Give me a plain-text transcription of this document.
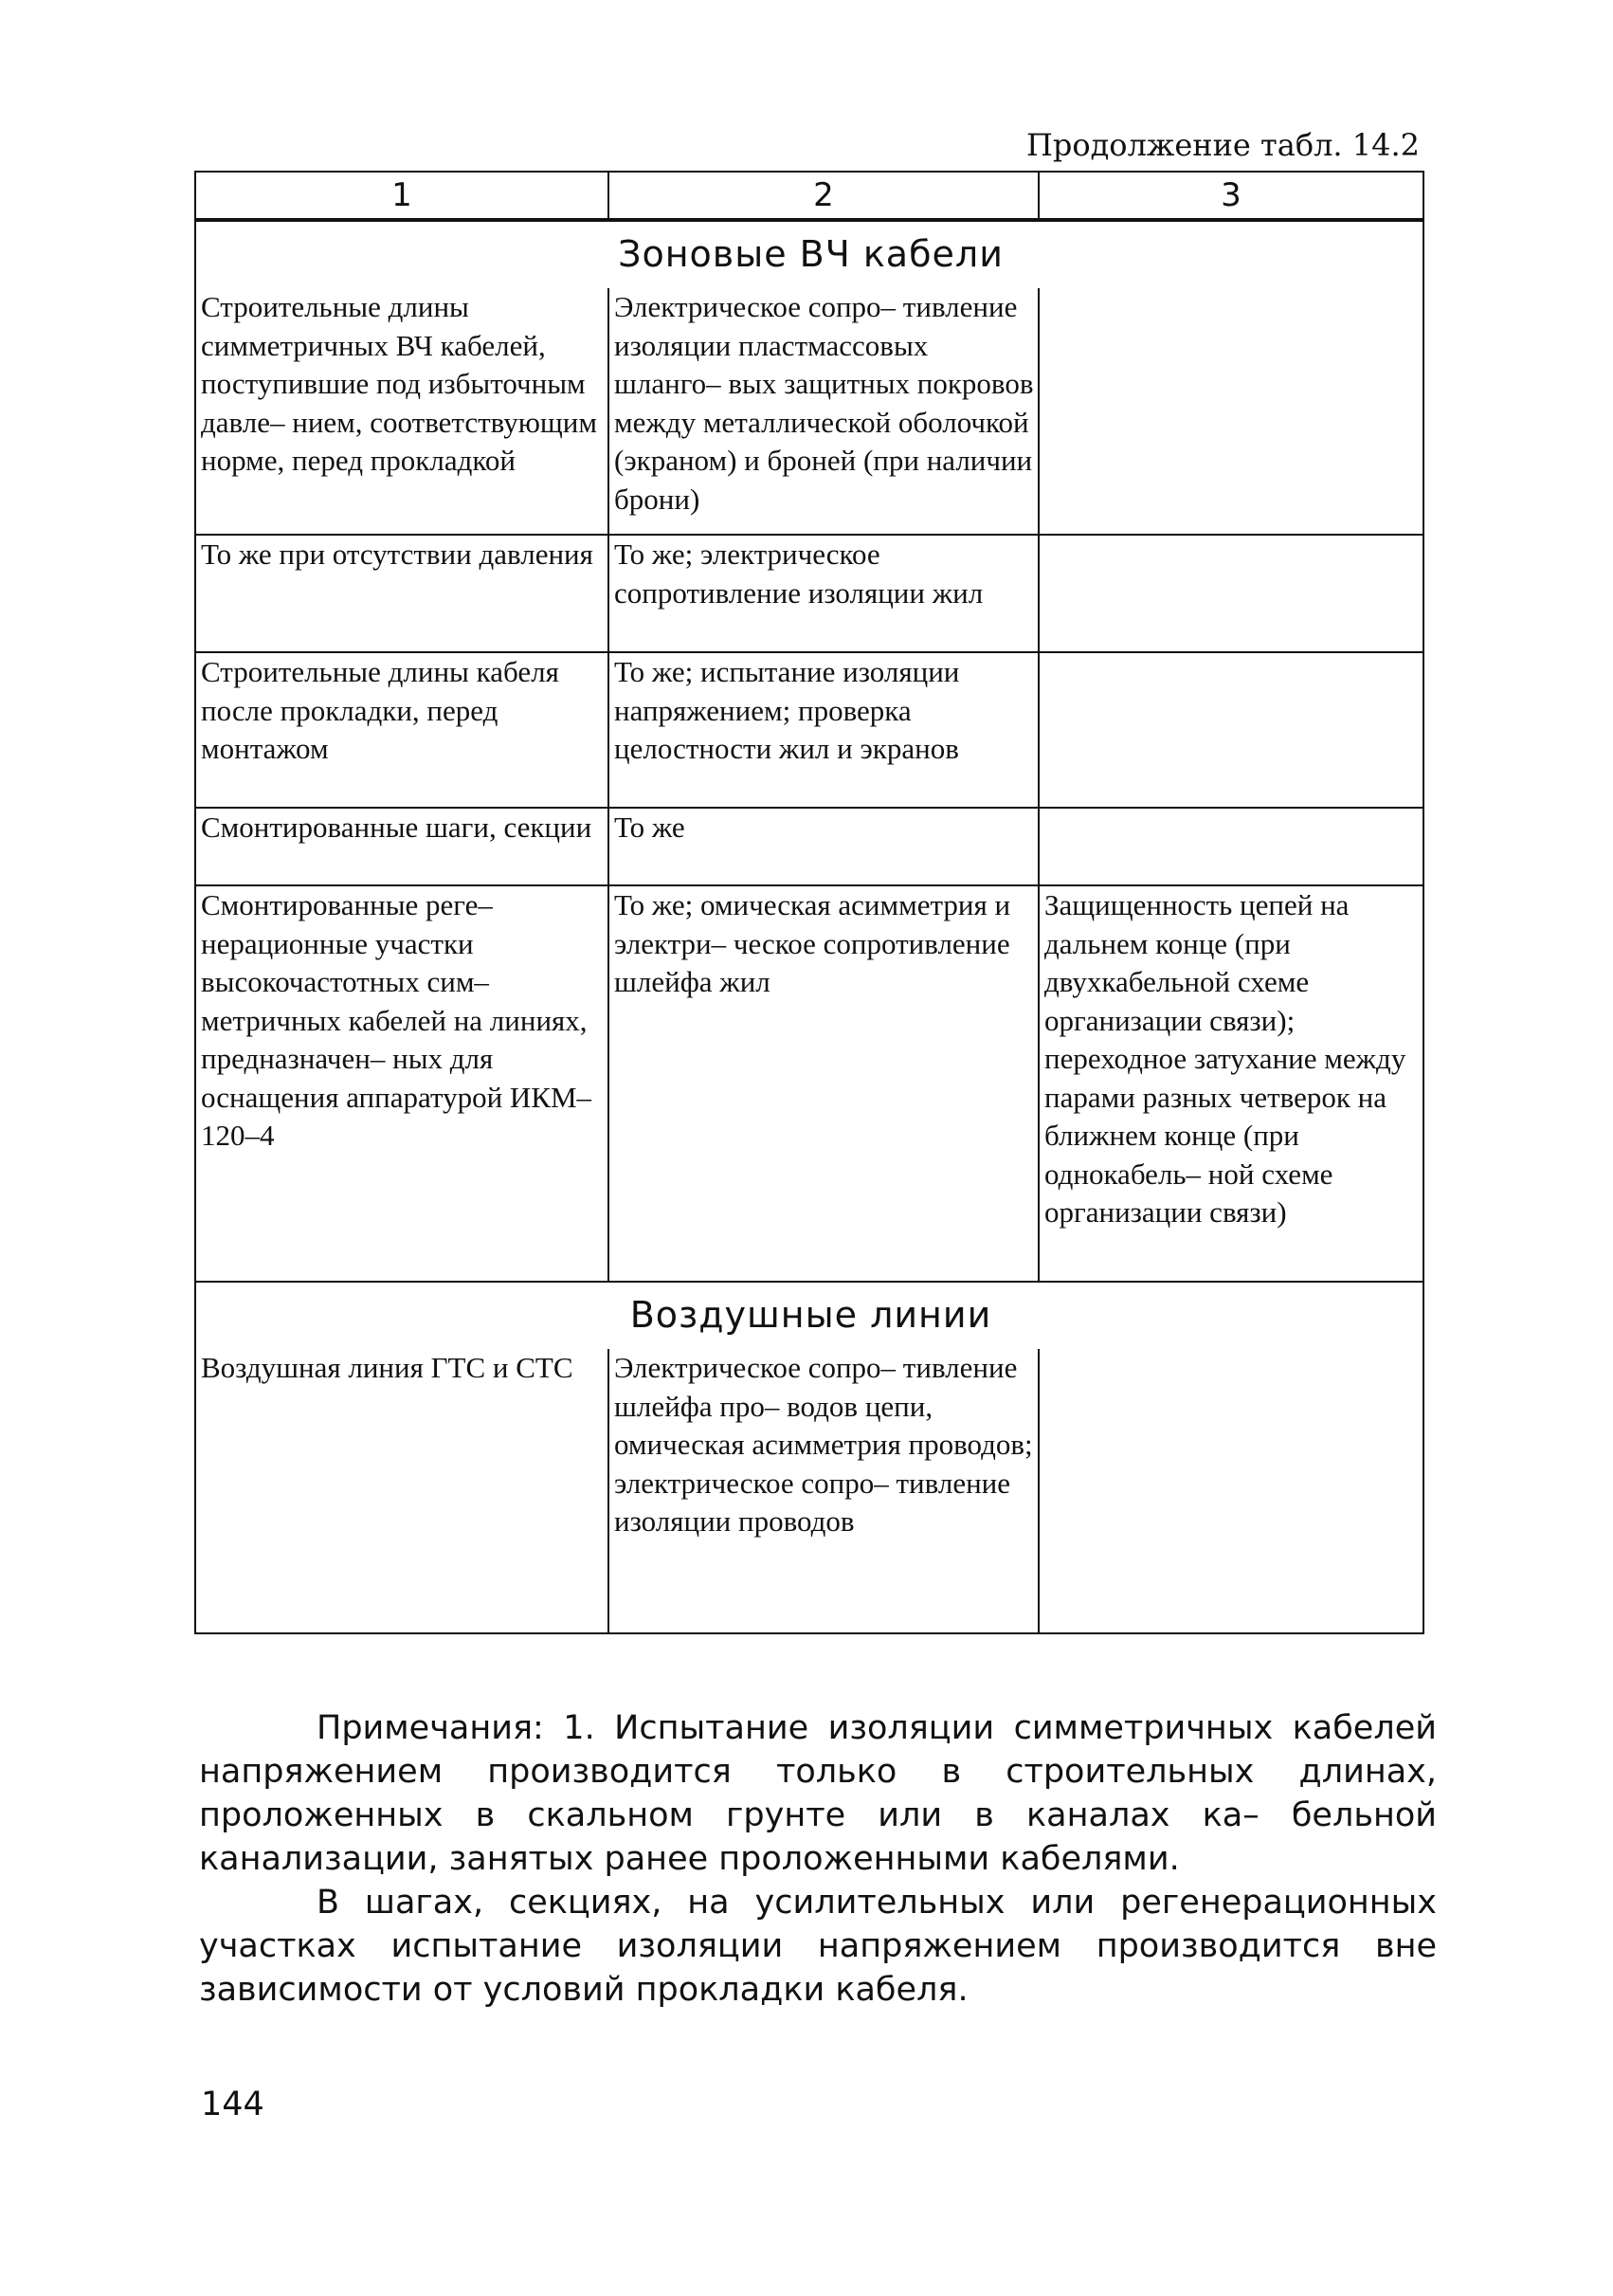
Продолжение табл. 14.2
1	2	3
Зоновые ВЧ кабели		
Строительные длины симметричных ВЧ кабелей, поступившие под избыточным давле– нием, соответствующим норме, перед прокладкой	Электрическое сопро– тивление изоляции пластмассовых шланго– вых защитных покровов между металлической оболочкой (экраном) и броней (при наличии брони)	
То же при отсутствии давления	То же; электрическое сопротивление изоляции жил	
Строительные длины кабеля после прокладки, перед монтажом	То же; испытание изоляции напряжением; проверка целостности жил и экранов	
Смонтированные шаги, секции	То же	
Смонтированные реге– нерационные участки высокочастотных сим– метричных кабелей на линиях, предназначен– ных для оснащения аппаратурой ИКМ–120–4	То же; омическая асимметрия и электри– ческое сопротивление шлейфа жил	Защищенность цепей на дальнем конце (при двухкабельной схеме организации связи); переходное затухание между парами разных четверок на ближнем конце (при однокабель– ной схеме организации связи)
Воздушные линии		
Воздушная линия ГТС и СТС	Электрическое сопро– тивление шлейфа про– водов цепи, омическая асимметрия проводов; электрическое сопро– тивление изоляции проводов	

Примечания: 1. Испытание изоляции симметричных кабелей напряжением производится только в строительных длинах, проложенных в скальном грунте или в каналах ка– бельной канализации, занятых ранее проложенными кабелями.

В шагах, секциях, на усилительных или регенерационных участках испытание изоляции напряжением производится вне зависимости от условий прокладки кабеля.

144
